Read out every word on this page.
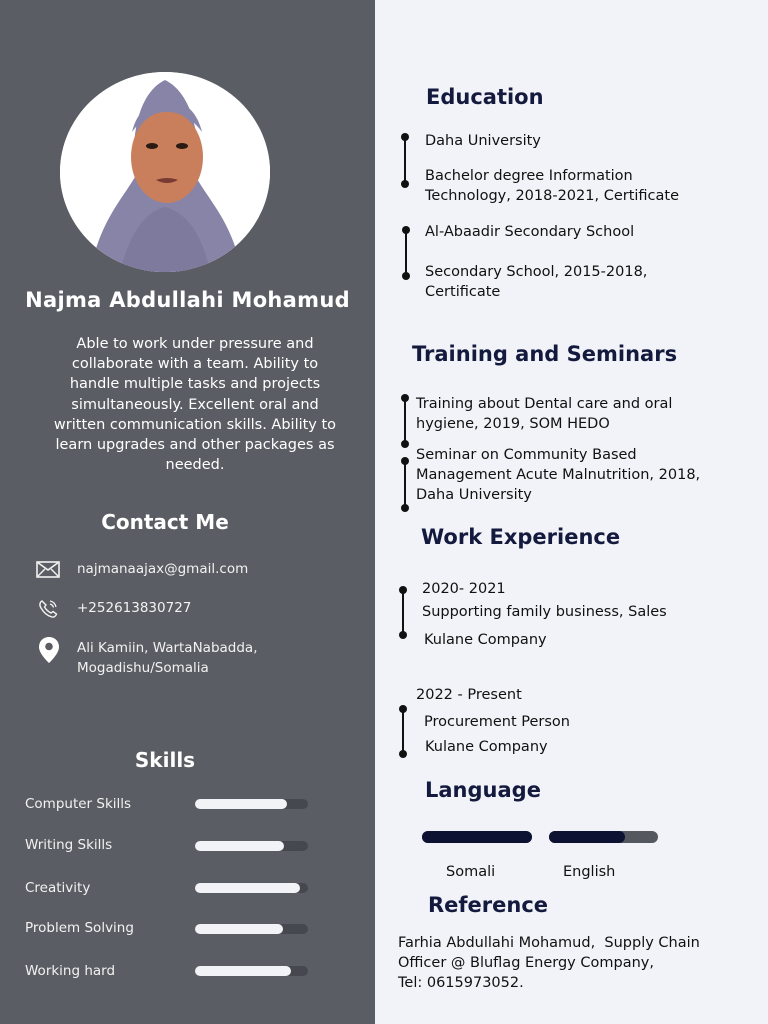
Najma Abdullahi Mohamud
Able to work under pressure and collaborate with a team. Ability to handle multiple tasks and projects simultaneously. Excellent oral and written communication skills. Ability to learn upgrades and other packages as needed.
Contact Me
najmanaajax@gmail.com
+252613830727
Ali Kamiin, WartaNabadda,
Mogadishu/Somalia
Skills
Computer Skills
Writing Skills
Creativity
Problem Solving
Working hard
Education
Daha University
Bachelor degree Information
Technology, 2018-2021, Certificate
Al-Abaadir Secondary School
Secondary School, 2015-2018,
Certificate
Training and Seminars
Training about Dental care and oral
hygiene, 2019, SOM HEDO
Seminar on Community Based
Management Acute Malnutrition, 2018,
Daha University
Work Experience
2020- 2021
Supporting family business, Sales
Kulane Company
2022 - Present
Procurement Person
Kulane Company
Language
Somali	English
Reference
Farhia Abdullahi Mohamud,  Supply Chain
Officer @ Bluflag Energy Company,
Tel: 0615973052.
